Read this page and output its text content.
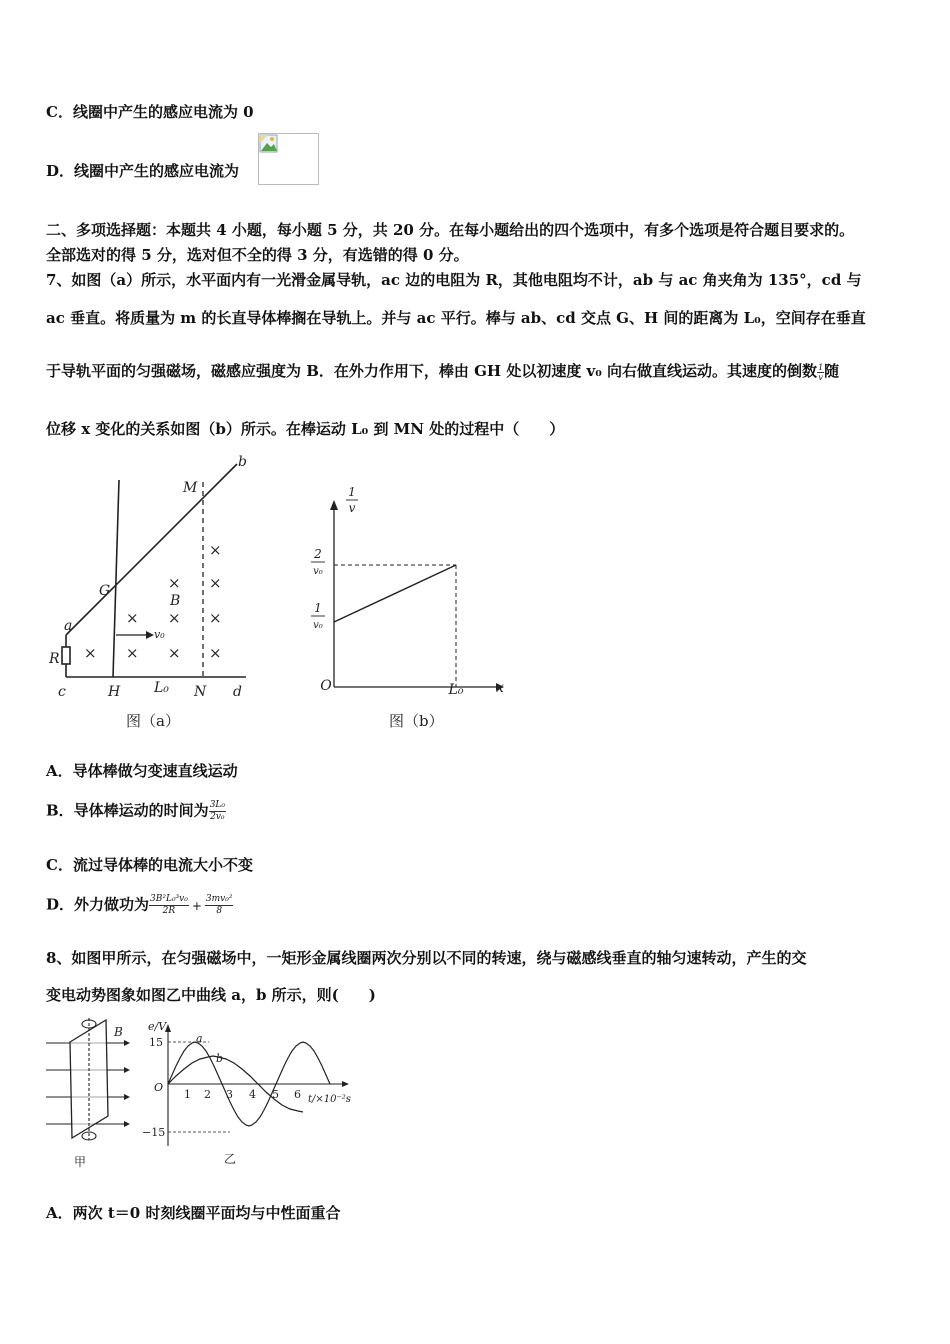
C．线圈中产生的感应电流为 0
D．线圈中产生的感应电流为
二、多项选择题：本题共 4 小题，每小题 5 分，共 20 分。在每小题给出的四个选项中，有多个选项是符合题目要求的。
全部选对的得 5 分，选对但不全的得 3 分，有选错的得 0 分。
7、如图（a）所示，水平面内有一光滑金属导轨，ac 边的电阻为 R，其他电阻均不计，ab 与 ac 角夹角为 135°，cd 与
ac 垂直。将质量为 m 的长直导体棒搁在导轨上。并与 ac 平行。棒与 ab、cd 交点 G、H 间的距离为 L₀，空间存在垂直
于导轨平面的匀强磁场，磁感应强度为 B．在外力作用下，棒由 GH 处以初速度 v₀ 向右做直线运动。其速度的倒数 $\frac{1}{v}$ 随
位移 x 变化的关系如图（b）所示。在棒运动 L₀ 到 MN 处的过程中（　　）
b
M
G
a
R
c	H L₀ N d
B
v₀
× × × ×
× × ×
× ×
×
图（a）
1
v
2
v₀
1
v₀
O	L₀ x
图（b）
A．导体棒做匀变速直线运动
B．导体棒运动的时间为 $\frac{\text{3L₀}}{\text{2v₀}}$
C．流过导体棒的电流大小不变
D．外力做功为 $\frac{\text{3B²L₀³v₀}}{2R} + \frac{\text{3mv₀²}}{8}$
8、如图甲所示，在匀强磁场中，一矩形金属线圈两次分别以不同的转速，绕与磁感线垂直的轴匀速转动，产生的交
变电动势图象如图乙中曲线 a，b 所示，则(　　)
B
甲
e/V
15
−15
O
1 2 3 4 5 6 t/×10⁻²s
a
b
乙
A．两次 t＝0 时刻线圈平面均与中性面重合
